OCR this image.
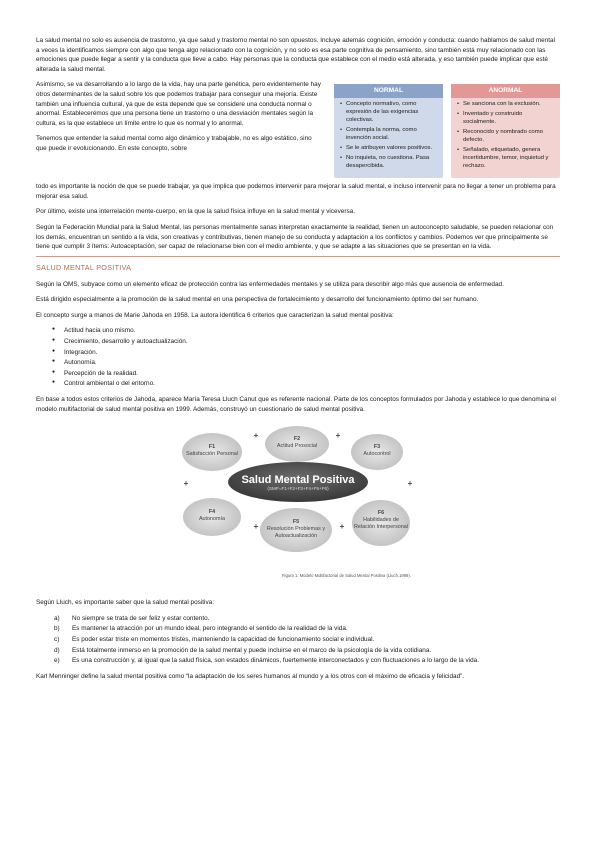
La salud mental no solo es ausencia de trastorno, ya que salud y trastorno mental no son opuestos. Incluye además cognición, emoción y conducta: cuando hablamos de salud mental a veces la identificamos siempre con algo que tenga algo relacionado con la cognición, y no solo es esa parte cognitiva de pensamiento, sino también está muy relacionado con las emociones que puede llegar a sentir y la conducta que lleve a cabo. Hay personas que la conducta que establece con el medio está alterada, y eso también puede implicar que esté alterada la salud mental.

Asimismo, se va desarrollando a lo largo de la vida, hay una parte genética, pero evidentemente hay otros determinantes de la salud sobre los que podemos trabajar para conseguir una mejoría. Existe también una influencia cultural, ya que de esta depende que se considere una conducta normal o anormal. Establecerémos que una persona tiene un trastorno o una desviación mentales según la cultura, es la que establece un límite entre lo que es normal y lo anormal.

Tenemos que entender la salud mental como algo dinámico y trabajable, no es algo estático, sino que puede ir evolucionando. En este concepto, sobre

NORMAL
• Concepto normativo, como expresión de las exigencias colectivas.
• Contempla la norma, como invención social.
• Se le atribuyen valores positivos.
• No inquieta, no cuestiona. Pasa desapercibida.
ANORMAL
• Se sanciona con la exclusión.
• Inventado y construido socialmente.
• Reconocido y nombrado como defecto.
• Señalado, etiquetado, genera incertidumbre, temor, inquietud y rechazo.

todo es importante la noción de que se puede trabajar, ya que implica que podemos intervenir para mejorar la salud mental, e incluso intervenir para no llegar a tener un problema para mejorar esa salud.

Por último, existe una interrelación mente-cuerpo, en la que la salud física influye en la salud mental y viceversa.

Según la Federación Mundial para la Salud Mental, las personas mentalmente sanas interpretan exactamente la realidad, tienen un autoconcepto saludable, se pueden relacionar con los demás, encuentran un sentido a la vida, son creativas y contributivas, tienen manejo de su conducta y adaptación a los conflictos y cambios. Podemos ver que principalmente se tiene que cumplir 3 ítems: Autoaceptación, ser capaz de relacionarse bien con el medio ambiente, y que se adapte a las situaciones que se presentan en la vida.

SALUD MENTAL POSITIVA

Según la OMS, subyace como un elemento eficaz de protección contra las enfermedades mentales y se utiliza para describir algo más que ausencia de enfermedad.

Está dirigido especialmente a la promoción de la salud mental en una perspectiva de fortalecimiento y desarrollo del funcionamiento óptimo del ser humano.

El concepto surge a manos de Marie Jahoda en 1958. La autora identifica 6 criterios que caracterizan la salud mental positiva:

● Actitud hacia uno mismo.
● Crecimiento, desarrollo y autoactualización.
● Integración.
● Autonomía.
● Percepción de la realidad.
● Control ambiental o del entorno.

En base a todos estos criterios de Jahoda, aparece María Teresa Lluch Canut que es referente nacional. Parte de los conceptos formulados por Jahoda y establece lo que denomina el modelo multifactorial de salud mental positiva en 1999. Además, construyó un cuestionario de salud mental positiva.

Salud Mental Positiva
(SMP=F1+F2+F3+F4+F5+F6)
F1
Satisfacción Personal
F2
Actitud Prosocial	F3
Autocontrol
F4
Autonomía
F5
Resolución Problemas y Autoactualización
F6
Habilidades de Relación Interpersonal
+	+
+	+
+	+
Figura 1. Modelo Multifactorial de Salud Mental Positiva (Lluch,1999).

Según Lluch, es importante saber que la salud mental positiva:

a) No siempre se trata de ser feliz y estar contento.
b) Es mantener la atracción por un mundo ideal, pero integrando el sentido de la realidad de la vida.
c) Es poder estar triste en momentos tristes, manteniendo la capacidad de funcionamiento social e individual.
d) Está totalmente inmerso en la promoción de la salud mental y puede incluirse en el marco de la psicología de la vida cotidiana.
e) Es una construcción y, al igual que la salud física, son estados dinámicos, fuertemente interconectados y con fluctuaciones a lo largo de la vida.

Karl Menninger define la salud mental positiva como “la adaptación de los seres humanos al mundo y a los otros con el máximo de eficacia y felicidad”.
